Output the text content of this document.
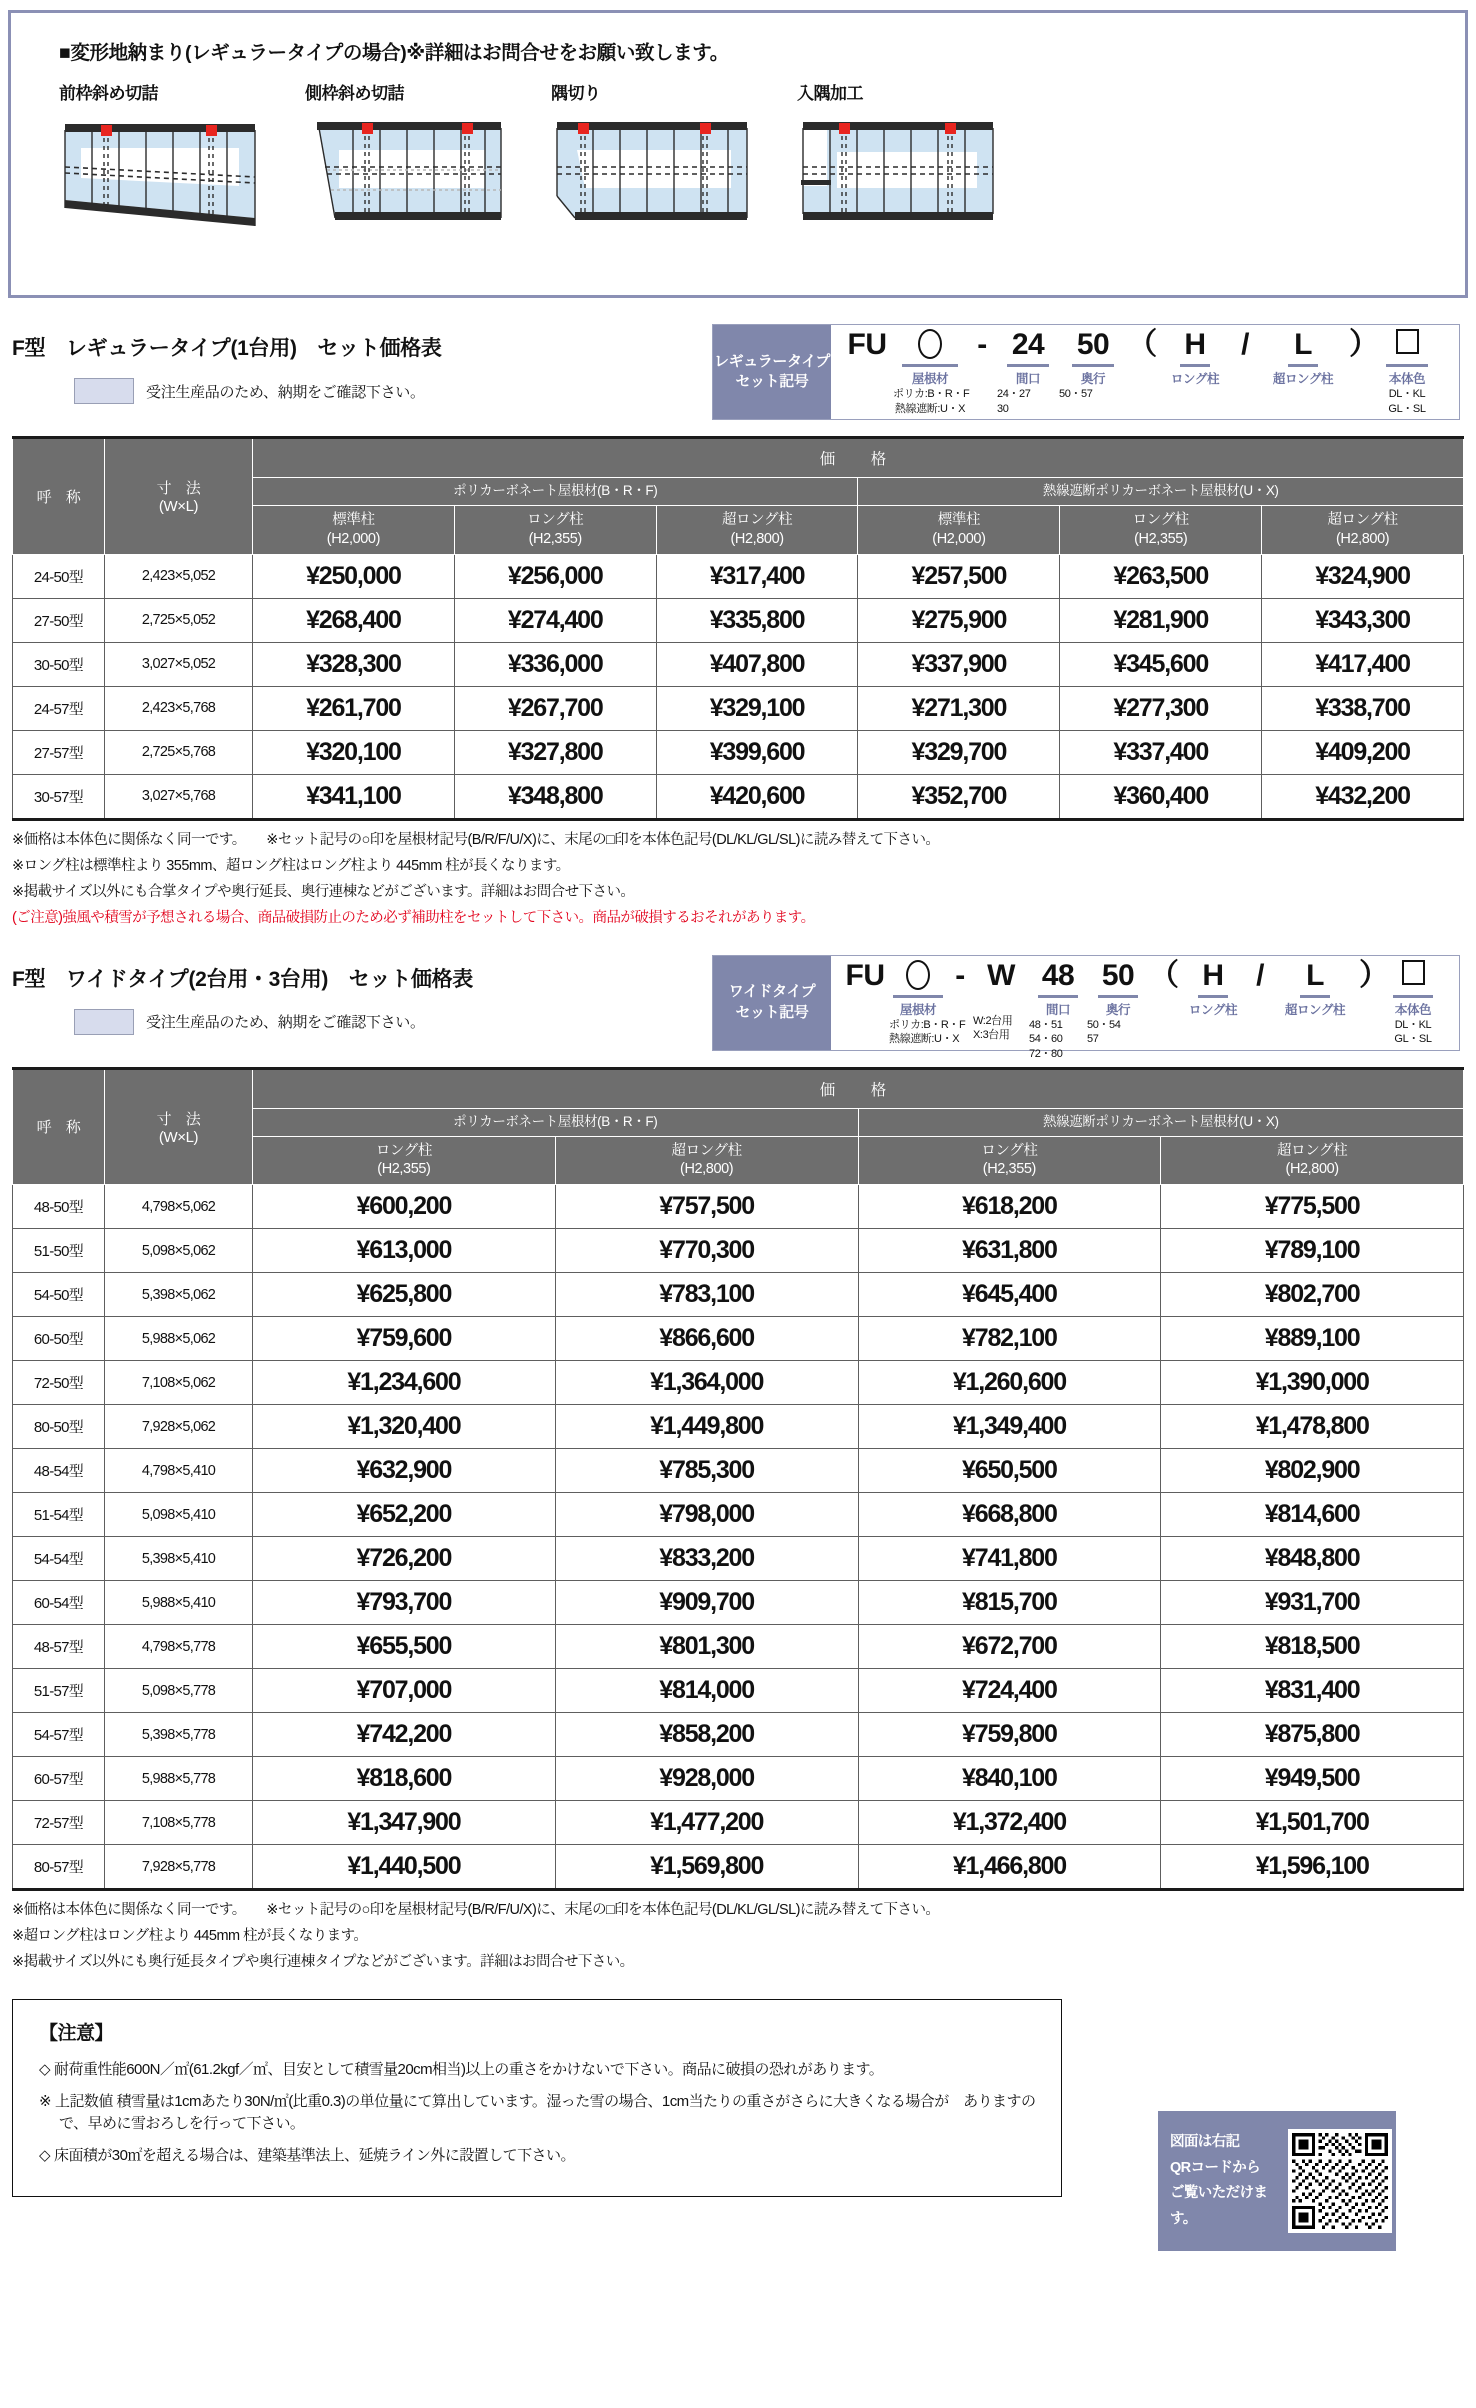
■変形地納まり(レギュラータイプの場合)※詳細はお問合せをお願い致します。
前枠斜め切詰	側枠斜め切詰	隅切り	入隅加工
F型　レギュラータイプ(1台用)　セット価格表
受注生産品のため、納期をご確認下さい。
レギュラータイプ
セット記号
FU
屋根材
ポリカ:B・R・F
熱線遮断:U・X
- 24
間口
24・27
30
50
奥行
50・57
（ H
ロング柱
/	L
超ロング柱
）
本体色
DL・KL
GL・SL
呼　称	寸　法
(W×L)	価　格					
		ポリカーボネート屋根材(B・R・F)			熱線遮断ポリカーボネート屋根材(U・X)		

標準柱
(H2,000)

ロング柱
(H2,355)

超ロング柱
(H2,800)

標準柱
(H2,000)

ロング柱
(H2,355)

超ロング柱
(H2,800)

24-50型	2,423×5,052	¥250,000	¥256,000	¥317,400	¥257,500	¥263,500	¥324,900
27-50型	2,725×5,052	¥268,400	¥274,400	¥335,800	¥275,900	¥281,900	¥343,300
30-50型	3,027×5,052	¥328,300	¥336,000	¥407,800	¥337,900	¥345,600	¥417,400
24-57型	2,423×5,768	¥261,700	¥267,700	¥329,100	¥271,300	¥277,300	¥338,700
27-57型	2,725×5,768	¥320,100	¥327,800	¥399,600	¥329,700	¥337,400	¥409,200
30-57型	3,027×5,768	¥341,100	¥348,800	¥420,600	¥352,700	¥360,400	¥432,200

※価格は本体色に関係なく同一です。　　※セット記号の○印を屋根材記号(B/R/F/U/X)に、末尾の□印を本体色記号(DL/KL/GL/SL)に読み替えて下さい。

※ロング柱は標準柱より 355mm、超ロング柱はロング柱より 445mm 柱が長くなります。

※掲載サイズ以外にも合掌タイプや奥行延長、奥行連棟などがございます。詳細はお問合せ下さい。

(ご注意)強風や積雪が予想される場合、商品破損防止のため必ず補助柱をセットして下さい。商品が破損するおそれがあります。

F型　ワイドタイプ(2台用・3台用)　セット価格表
受注生産品のため、納期をご確認下さい。
ワイドタイプ
セット記号
FU
屋根材
ポリカ:B・R・F
熱線遮断:U・X
- W

W:2台用
X:3台用
48
間口
48・51
54・60
72・80
50
奥行
50・54
57
（ H
ロング柱
/	L
超ロング柱
）
本体色
DL・KL
GL・SL
呼　称	寸　法
(W×L)	価　格			
		ポリカーボネート屋根材(B・R・F)		熱線遮断ポリカーボネート屋根材(U・X)	

ロング柱
(H2,355)

超ロング柱
(H2,800)

ロング柱
(H2,355)

超ロング柱
(H2,800)

48-50型	4,798×5,062	¥600,200	¥757,500	¥618,200	¥775,500
51-50型	5,098×5,062	¥613,000	¥770,300	¥631,800	¥789,100
54-50型	5,398×5,062	¥625,800	¥783,100	¥645,400	¥802,700
60-50型	5,988×5,062	¥759,600	¥866,600	¥782,100	¥889,100
72-50型	7,108×5,062	¥1,234,600	¥1,364,000	¥1,260,600	¥1,390,000
80-50型	7,928×5,062	¥1,320,400	¥1,449,800	¥1,349,400	¥1,478,800
48-54型	4,798×5,410	¥632,900	¥785,300	¥650,500	¥802,900
51-54型	5,098×5,410	¥652,200	¥798,000	¥668,800	¥814,600
54-54型	5,398×5,410	¥726,200	¥833,200	¥741,800	¥848,800
60-54型	5,988×5,410	¥793,700	¥909,700	¥815,700	¥931,700
48-57型	4,798×5,778	¥655,500	¥801,300	¥672,700	¥818,500
51-57型	5,098×5,778	¥707,000	¥814,000	¥724,400	¥831,400
54-57型	5,398×5,778	¥742,200	¥858,200	¥759,800	¥875,800
60-57型	5,988×5,778	¥818,600	¥928,000	¥840,100	¥949,500
72-57型	7,108×5,778	¥1,347,900	¥1,477,200	¥1,372,400	¥1,501,700
80-57型	7,928×5,778	¥1,440,500	¥1,569,800	¥1,466,800	¥1,596,100

※価格は本体色に関係なく同一です。　　※セット記号の○印を屋根材記号(B/R/F/U/X)に、末尾の□印を本体色記号(DL/KL/GL/SL)に読み替えて下さい。

※超ロング柱はロング柱より 445mm 柱が長くなります。

※掲載サイズ以外にも奥行延長タイプや奥行連棟タイプなどがございます。詳細はお問合せ下さい。

【注意】

◇ 耐荷重性能600N／㎡(61.2kgf／㎡、目安として積雪量20cm相当)以上の重さをかけないで下さい。商品に破損の恐れがあります。

※ 上記数値 積雪量は1cmあたり30N/㎡(比重0.3)の単位量にて算出しています。湿った雪の場合、1cm当たりの重さがさらに大きくなる場合が　ありますので、早めに雪おろしを行って下さい。

◇ 床面積が30㎡を超える場合は、建築基準法上、延焼ライン外に設置して下さい。

図面は右記
QRコードから
ご覧いただけます。
